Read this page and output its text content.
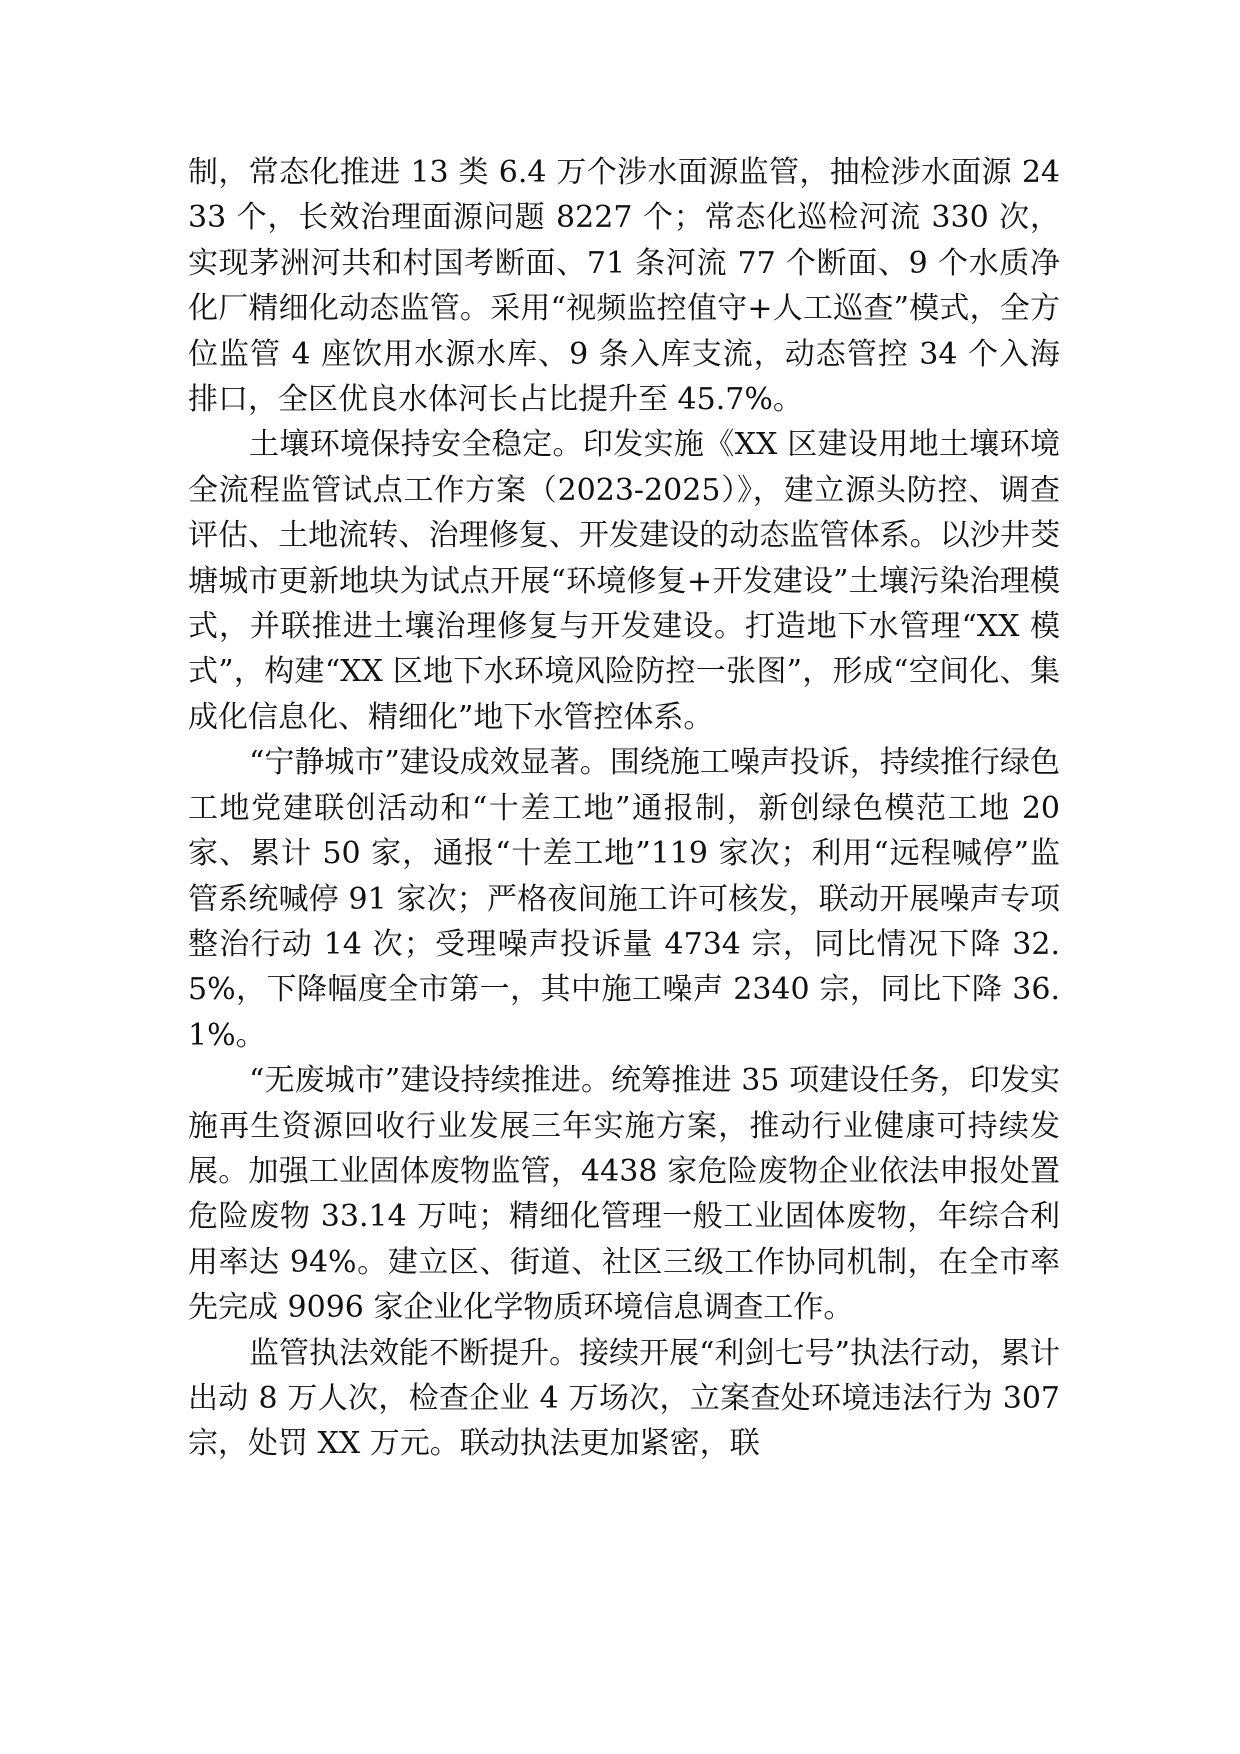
制，常态化推进 13 类 6.4 万个涉水面源监管，抽检涉水面源 2433 个，长效治理面源问题 8227 个；常态化巡检河流 330 次，实现茅洲河共和村国考断面、71 条河流 77 个断面、9 个水质净化厂精细化动态监管。采用“视频监控值守+人工巡查”模式，全方位监管 4 座饮用水源水库、9 条入库支流，动态管控 34 个入海排口，全区优良水体河长占比提升至 45.7%。

土壤环境保持安全稳定。印发实施《XX 区建设用地土壤环境全流程监管试点工作方案（2023-2025）》，建立源头防控、调查评估、土地流转、治理修复、开发建设的动态监管体系。以沙井茭塘城市更新地块为试点开展“环境修复+开发建设”土壤污染治理模式，并联推进土壤治理修复与开发建设。打造地下水管理“XX 模式”，构建“XX 区地下水环境风险防控一张图”，形成“空间化、集成化信息化、精细化”地下水管控体系。

“宁静城市”建设成效显著。围绕施工噪声投诉，持续推行绿色工地党建联创活动和“十差工地”通报制，新创绿色模范工地 20 家、累计 50 家，通报“十差工地”119 家次；利用“远程喊停”监管系统喊停 91 家次；严格夜间施工许可核发，联动开展噪声专项整治行动 14 次；受理噪声投诉量 4734 宗，同比情况下降 32.5%，下降幅度全市第一，其中施工噪声 2340 宗，同比下降 36.1%。

“无废城市”建设持续推进。统筹推进 35 项建设任务，印发实施再生资源回收行业发展三年实施方案，推动行业健康可持续发展。加强工业固体废物监管，4438 家危险废物企业依法申报处置危险废物 33.14 万吨；精细化管理一般工业固体废物，年综合利用率达 94%。建立区、街道、社区三级工作协同机制，在全市率先完成 9096 家企业化学物质环境信息调查工作。

监管执法效能不断提升。接续开展“利剑七号”执法行动，累计出动 8 万人次，检查企业 4 万场次，立案查处环境违法行为 307 宗，处罚 XX 万元。联动执法更加紧密，联
